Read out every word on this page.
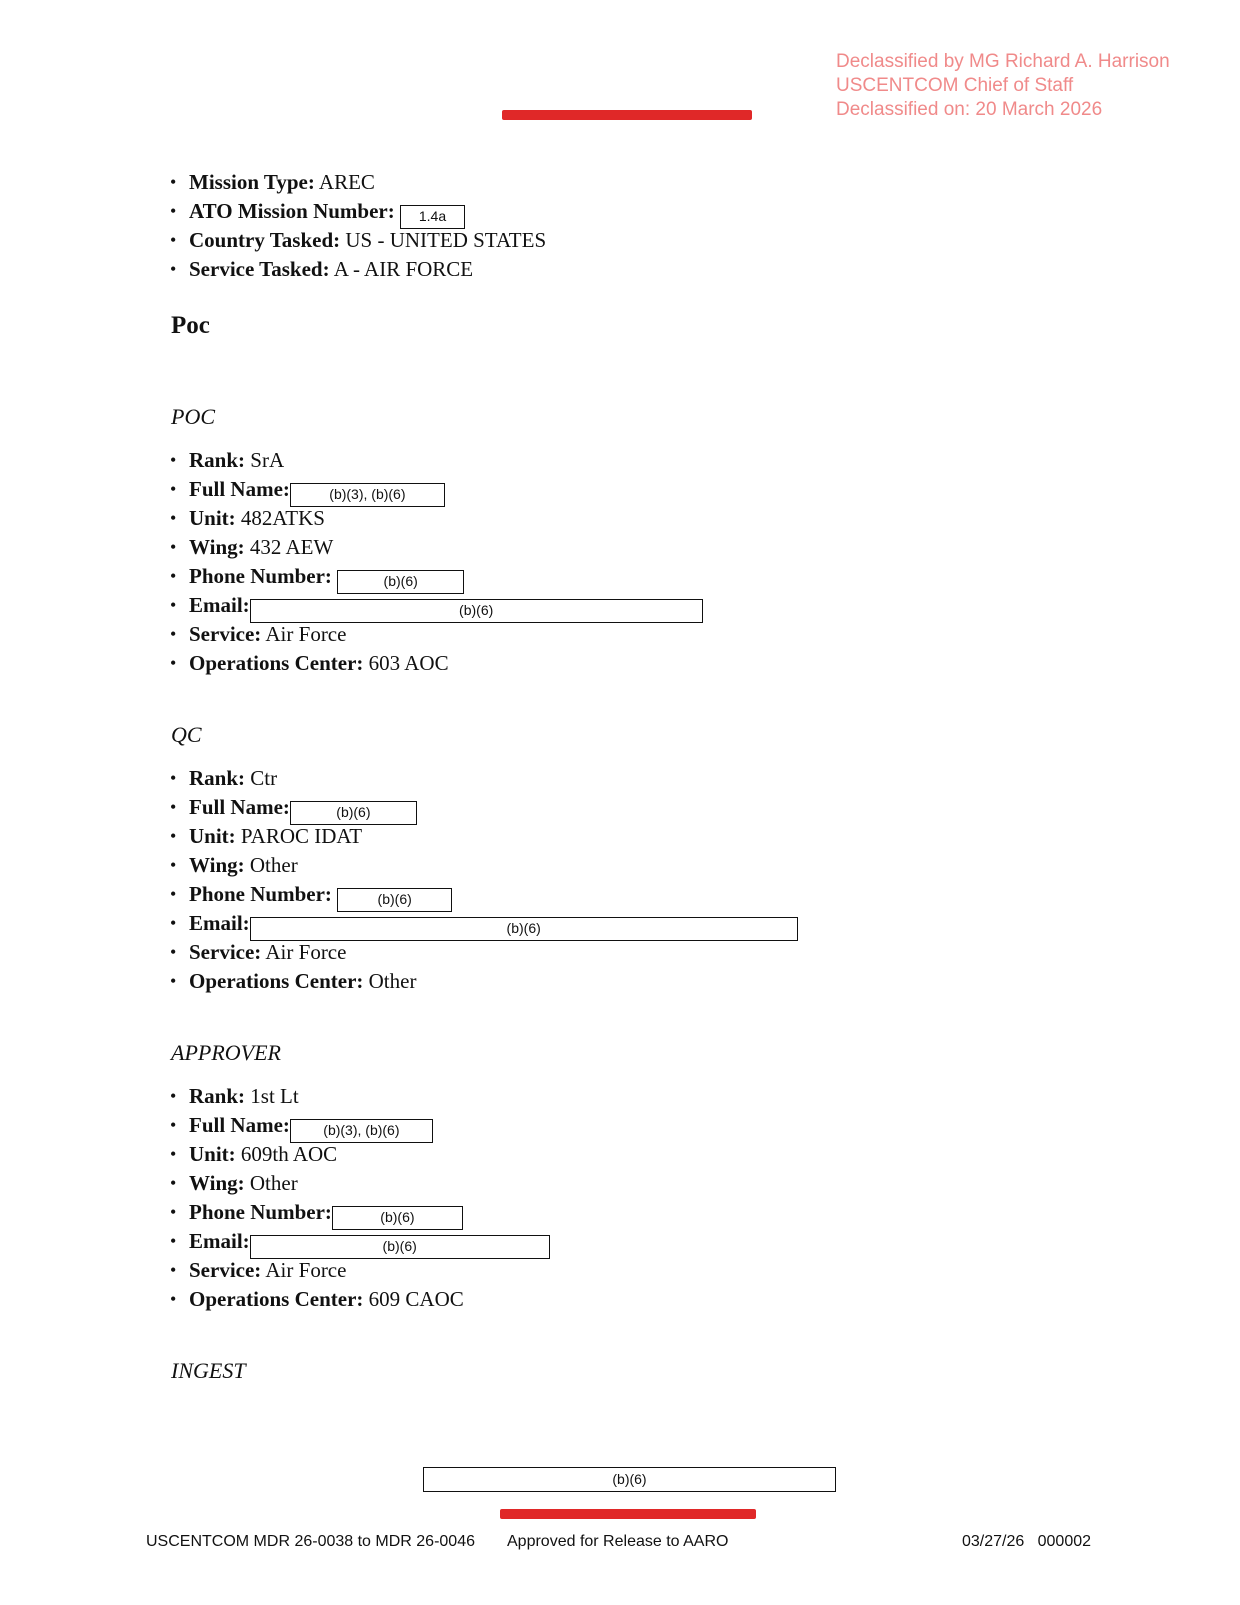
Declassified by MG Richard A. Harrison
USCENTCOM Chief of Staff
Declassified on: 20 March 2026
• Mission Type: AREC
• ATO Mission Number: 1.4a
• Country Tasked: US - UNITED STATES
• Service Tasked: A - AIR FORCE
Poc
POC
• Rank: SrA
• Full Name:	(b)(3), (b)(6)
• Unit: 482ATKS
• Wing: 432 AEW
• Phone Number:	(b)(6)
• Email:	(b)(6)
• Service: Air Force
• Operations Center: 603 AOC
QC
• Rank: Ctr
• Full Name:	(b)(6)
• Unit: PAROC IDAT
• Wing: Other
• Phone Number:	(b)(6)
• Email:	(b)(6)
• Service: Air Force
• Operations Center: Other
APPROVER
• Rank: 1st Lt
• Full Name: (b)(3), (b)(6)
• Unit: 609th AOC
• Wing: Other
• Phone Number:	(b)(6)
• Email:	(b)(6)
• Service: Air Force
• Operations Center: 609 CAOC
INGEST
(b)(6)
USCENTCOM MDR 26-0038 to MDR 26-0046 Approved for Release to AARO	03/27/26   000002
